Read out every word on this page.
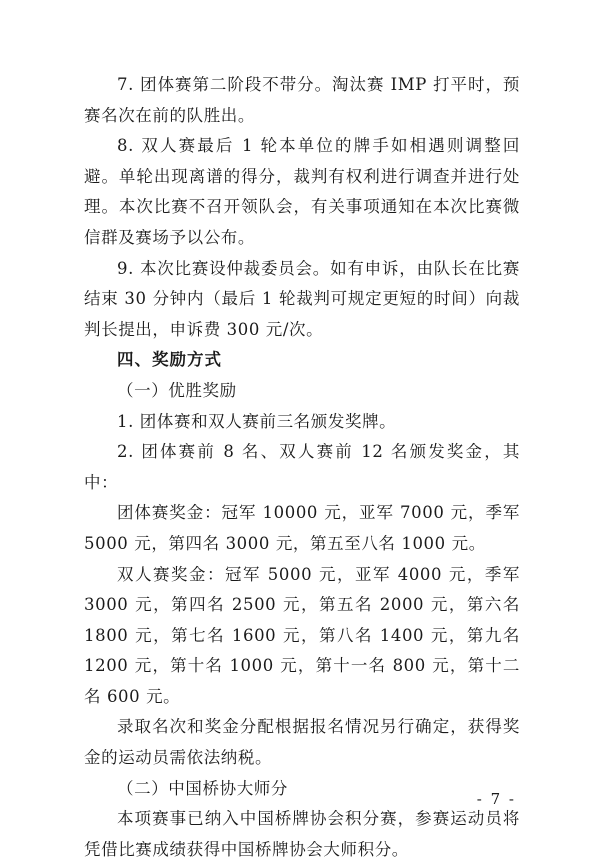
7. 团体赛第二阶段不带分。淘汰赛 IMP 打平时，预赛名次在前的队胜出。

8. 双人赛最后 1 轮本单位的牌手如相遇则调整回避。单轮出现离谱的得分，裁判有权利进行调查并进行处理。本次比赛不召开领队会，有关事项通知在本次比赛微信群及赛场予以公布。

9. 本次比赛设仲裁委员会。如有申诉，由队长在比赛结束 30 分钟内（最后 1 轮裁判可规定更短的时间）向裁判长提出，申诉费 300 元/次。

四、奖励方式

（一）优胜奖励

1. 团体赛和双人赛前三名颁发奖牌。

2. 团体赛前 8 名、双人赛前 12 名颁发奖金，其中：

团体赛奖金：冠军 10000 元，亚军 7000 元，季军 5000 元，第四名 3000 元，第五至八名 1000 元。

双人赛奖金：冠军 5000 元，亚军 4000 元，季军 3000 元，第四名 2500 元，第五名 2000 元，第六名 1800 元，第七名 1600 元，第八名 1400 元，第九名 1200 元，第十名 1000 元，第十一名 800 元，第十二名 600 元。

录取名次和奖金分配根据报名情况另行确定，获得奖金的运动员需依法纳税。

（二）中国桥协大师分

本项赛事已纳入中国桥牌协会积分赛，参赛运动员将凭借比赛成绩获得中国桥牌协会大师积分。

- 7 -
